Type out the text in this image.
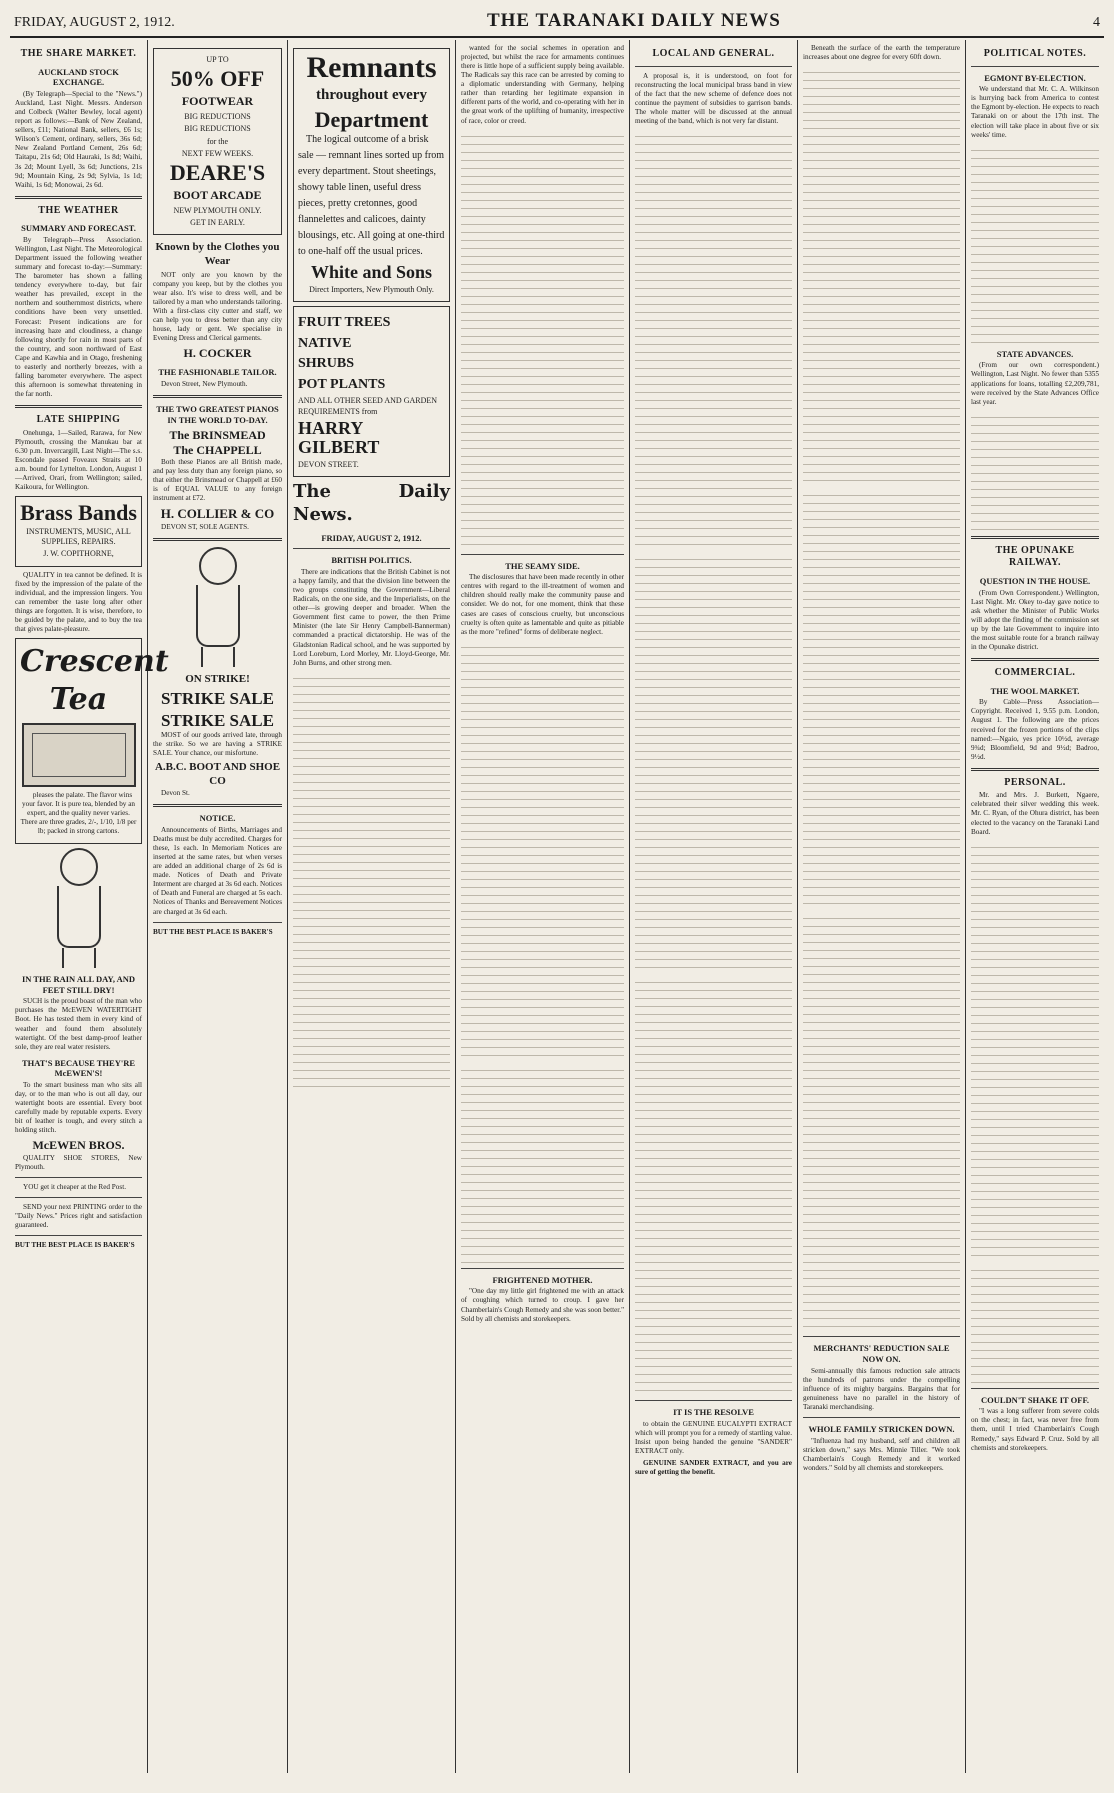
FRIDAY, AUGUST 2, 1912.	THE TARANAKI DAILY NEWS	4
THE SHARE MARKET.
AUCKLAND STOCK EXCHANGE.

(By Telegraph—Special to the "News.") Auckland, Last Night. Messrs. Anderson and Colbeck (Walter Bewley, local agent) report as follows:—Bank of New Zealand, sellers, £11; National Bank, sellers, £6 1s; Wilson's Cement, ordinary, sellers, 36s 6d; New Zealand Portland Cement, 26s 6d; Taitapu, 21s 6d; Old Hauraki, 1s 8d; Waihi, 3s 2d; Mount Lyell, 3s 6d; Junctions, 21s 9d; Mountain King, 2s 9d; Sylvia, 1s 1d; Waihi, 1s 6d; Monowai, 2s 6d.

THE WEATHER
SUMMARY AND FORECAST.

By Telegraph—Press Association. Wellington, Last Night. The Meteorological Department issued the following weather summary and forecast to-day:—Summary: The barometer has shown a falling tendency everywhere to-day, but fair weather has prevailed, except in the northern and southernmost districts, where conditions have been very unsettled. Forecast: Present indications are for increasing haze and cloudiness, a change following shortly for rain in most parts of the country, and soon northward of East Cape and Kawhia and in Otago, freshening to easterly and northerly breezes, with a falling barometer everywhere. The aspect this afternoon is somewhat threatening in the far north.

LATE SHIPPING

Onehunga, 1—Sailed, Rarawa, for New Plymouth, crossing the Manukau bar at 6.30 p.m. Invercargill, Last Night—The s.s. Escondale passed Foveaux Straits at 10 a.m. bound for Lyttelton. London, August 1—Arrived, Orari, from Wellington; sailed, Kaikoura, for Wellington.

Brass Bands
INSTRUMENTS, MUSIC, ALL SUPPLIES, REPAIRS.
J. W. COPITHORNE,

QUALITY in tea cannot be defined. It is fixed by the impression of the palate of the individual, and the impression lingers. You can remember the taste long after other things are forgotten. It is wise, therefore, to be guided by the palate, and to buy the tea that gives palate-pleasure.

Crescent
Tea

pleases the palate. The flavor wins your favor. It is pure tea, blended by an expert, and the quality never varies. There are three grades, 2/-, 1/10, 1/8 per lb; packed in strong cartons.

IN THE RAIN ALL DAY, AND FEET STILL DRY!

SUCH is the proud boast of the man who purchases the McEWEN WATERTIGHT Boot. He has tested them in every kind of weather and found them absolutely watertight. Of the best damp-proof leather sole, they are real water resisters.

THAT'S BECAUSE THEY'RE McEWEN'S!

To the smart business man who sits all day, or to the man who is out all day, our watertight boots are essential. Every boot carefully made by reputable experts. Every bit of leather is tough, and every stitch a holding stitch.

McEWEN BROS.

QUALITY SHOE STORES, New Plymouth.

YOU get it cheaper at the Red Post.

SEND your next PRINTING order to the "Daily News." Prices right and satisfaction guaranteed.

BUT THE BEST PLACE IS BAKER'S

UP TO
50% OFF
FOOTWEAR
BIG REDUCTIONS
BIG REDUCTIONS
for the
NEXT FEW WEEKS.
DEARE'S
BOOT ARCADE
NEW PLYMOUTH ONLY.
GET IN EARLY.
Known by the Clothes you Wear

NOT only are you known by the company you keep, but by the clothes you wear also. It's wise to dress well, and be tailored by a man who understands tailoring. With a first-class city cutter and staff, we can help you to dress better than any city house, lady or gent. We specialise in Evening Dress and Clerical garments.

H. COCKER
THE FASHIONABLE TAILOR.

Devon Street, New Plymouth.

THE TWO GREATEST PIANOS IN THE WORLD TO-DAY.
The BRINSMEAD
The CHAPPELL

Both these Pianos are all British made, and pay less duty than any foreign piano, so that either the Brinsmead or Chappell at £60 is of EQUAL VALUE to any foreign instrument at £72.

H. COLLIER & CO

DEVON ST, SOLE AGENTS.

ON STRIKE!
STRIKE SALE
STRIKE SALE

MOST of our goods arrived late, through the strike. So we are having a STRIKE SALE. Your chance, our misfortune.

A.B.C. BOOT AND SHOE CO

Devon St.

NOTICE.

Announcements of Births, Marriages and Deaths must be duly accredited. Charges for these, 1s each. In Memoriam Notices are inserted at the same rates, but when verses are added an additional charge of 2s 6d is made. Notices of Death and Private Interment are charged at 3s 6d each. Notices of Death and Funeral are charged at 5s each. Notices of Thanks and Bereavement Notices are charged at 3s 6d each.

BUT THE BEST PLACE IS BAKER'S

Remnants
throughout every
Department

The logical outcome of a brisk sale — remnant lines sorted up from every department. Stout sheetings, showy table linen, useful dress pieces, pretty cretonnes, good flannelettes and calicoes, dainty blousings, etc. All going at one-third to one-half off the usual prices.

White and Sons
Direct Importers, New Plymouth Only.
FRUIT TREES
NATIVE
SHRUBS
POT PLANTS
AND ALL OTHER SEED AND GARDEN REQUIREMENTS from
HARRY GILBERT
DEVON STREET.
The Daily News.
FRIDAY, AUGUST 2, 1912.
BRITISH POLITICS.

There are indications that the British Cabinet is not a happy family, and that the division line between the two groups constituting the Government—Liberal Radicals, on the one side, and the Imperialists, on the other—is growing deeper and broader. When the Government first came to power, the then Prime Minister (the late Sir Henry Campbell-Bannerman) commanded a practical dictatorship. He was of the Gladstonian Radical school, and he was supported by Lord Loreburn, Lord Morley, Mr. Lloyd-George, Mr. John Burns, and other strong men.

wanted for the social schemes in operation and projected, but whilst the race for armaments continues there is little hope of a sufficient supply being available. The Radicals say this race can be arrested by coming to a diplomatic understanding with Germany, helping rather than retarding her legitimate expansion in different parts of the world, and co-operating with her in the great work of the uplifting of humanity, irrespective of race, color or creed.

THE SEAMY SIDE.

The disclosures that have been made recently in other centres with regard to the ill-treatment of women and children should really make the community pause and consider. We do not, for one moment, think that these cases are cases of conscious cruelty, but unconscious cruelty is often quite as lamentable and quite as pitiable as the more "refined" forms of deliberate neglect.

FRIGHTENED MOTHER.

"One day my little girl frightened me with an attack of coughing which turned to croup. I gave her Chamberlain's Cough Remedy and she was soon better." Sold by all chemists and storekeepers.

LOCAL AND GENERAL.

A proposal is, it is understood, on foot for reconstructing the local municipal brass band in view of the fact that the new scheme of defence does not continue the payment of subsidies to garrison bands. The whole matter will be discussed at the annual meeting of the band, which is not very far distant.

IT IS THE RESOLVE

to obtain the GENUINE EUCALYPTI EXTRACT which will prompt you for a remedy of startling value. Insist upon being handed the genuine "SANDER" EXTRACT only.

GENUINE SANDER EXTRACT, and you are sure of getting the benefit.

Beneath the surface of the earth the temperature increases about one degree for every 60ft down.

MERCHANTS' REDUCTION SALE NOW ON.

Semi-annually this famous reduction sale attracts the hundreds of patrons under the compelling influence of its mighty bargains. Bargains that for genuineness have no parallel in the history of Taranaki merchandising.

WHOLE FAMILY STRICKEN DOWN.

"Influenza had my husband, self and children all stricken down," says Mrs. Minnie Tiller. "We took Chamberlain's Cough Remedy and it worked wonders." Sold by all chemists and storekeepers.

POLITICAL NOTES.
EGMONT BY-ELECTION.

We understand that Mr. C. A. Wilkinson is hurrying back from America to contest the Egmont by-election. He expects to reach Taranaki on or about the 17th inst. The election will take place in about five or six weeks' time.

STATE ADVANCES.

(From our own correspondent.) Wellington, Last Night. No fewer than 5355 applications for loans, totalling £2,209,781, were received by the State Advances Office last year.

THE OPUNAKE RAILWAY.
QUESTION IN THE HOUSE.

(From Own Correspondent.) Wellington, Last Night. Mr. Okey to-day gave notice to ask whether the Minister of Public Works will adopt the finding of the commission set up by the late Government to inquire into the most suitable route for a branch railway in the Opunake district.

COMMERCIAL.
THE WOOL MARKET.

By Cable—Press Association—Copyright. Received 1, 9.55 p.m. London, August 1. The following are the prices received for the frozen portions of the clips named:—Ngaio, yes price 10½d, average 9¾d; Bloomfield, 9d and 9½d; Badroo, 9½d.

PERSONAL.

Mr. and Mrs. J. Burkett, Ngaere, celebrated their silver wedding this week. Mr. C. Ryan, of the Ohura district, has been elected to the vacancy on the Taranaki Land Board.

COULDN'T SHAKE IT OFF.

"I was a long sufferer from severe colds on the chest; in fact, was never free from them, until I tried Chamberlain's Cough Remedy," says Edward P. Cruz. Sold by all chemists and storekeepers.
